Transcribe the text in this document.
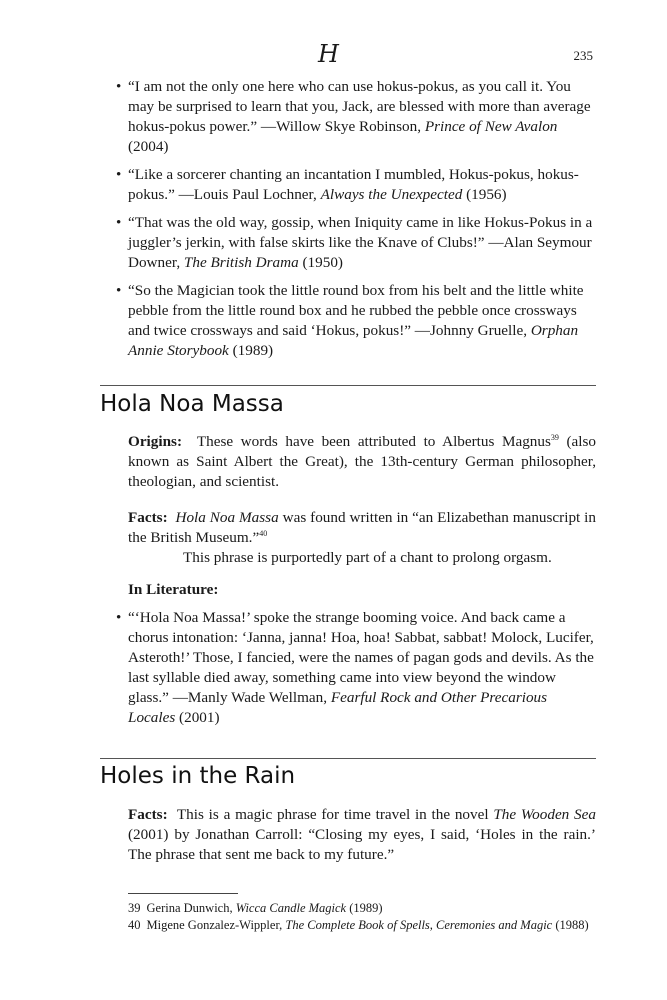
H	235
• “I am not the only one here who can use hokus-pokus, as you call it. You may be surprised to learn that you, Jack, are blessed with more than average hokus-pokus power.” —Willow Skye Robinson, Prince of New Avalon (2004)
• “Like a sorcerer chanting an incantation I mumbled, Hokus-pokus, hokus-pokus.” —Louis Paul Lochner, Always the Unexpected (1956)
• “That was the old way, gossip, when Iniquity came in like Hokus-Pokus in a juggler’s jerkin, with false skirts like the Knave of Clubs!” —Alan Seymour Downer, The British Drama (1950)
• “So the Magician took the little round box from his belt and the little white pebble from the little round box and he rubbed the pebble once crossways and twice crossways and said ‘Hokus, pokus!” —Johnny Gruelle, Orphan Annie Storybook (1989)
Hola Noa Massa

Origins: These words have been attributed to Albertus Magnus$^{39}$ (also known as Saint Albert the Great), the 13th-century German philosopher, theologian, and scientist.

Facts: Hola Noa Massa was found written in “an Elizabethan manuscript in the British Museum.”$^{40}$
This phrase is purportedly part of a chant to prolong orgasm.

In Literature:

• “‘Hola Noa Massa!’ spoke the strange booming voice. And back came a chorus intonation: ‘Janna, janna! Hoa, hoa! Sabbat, sabbat! Molock, Lucifer, Asteroth!’ Those, I fancied, were the names of pagan gods and devils. As the last syllable died away, something came into view beyond the window glass.” —Manly Wade Wellman, Fearful Rock and Other Precarious Locales (2001)
Holes in the Rain

Facts: This is a magic phrase for time travel in the novel The Wooden Sea (2001) by Jonathan Carroll: “Closing my eyes, I said, ‘Holes in the rain.’ The phrase that sent me back to my future.”

39 Gerina Dunwich, Wicca Candle Magick (1989)
40 Migene Gonzalez-Wippler, The Complete Book of Spells, Ceremonies and Magic (1988)
